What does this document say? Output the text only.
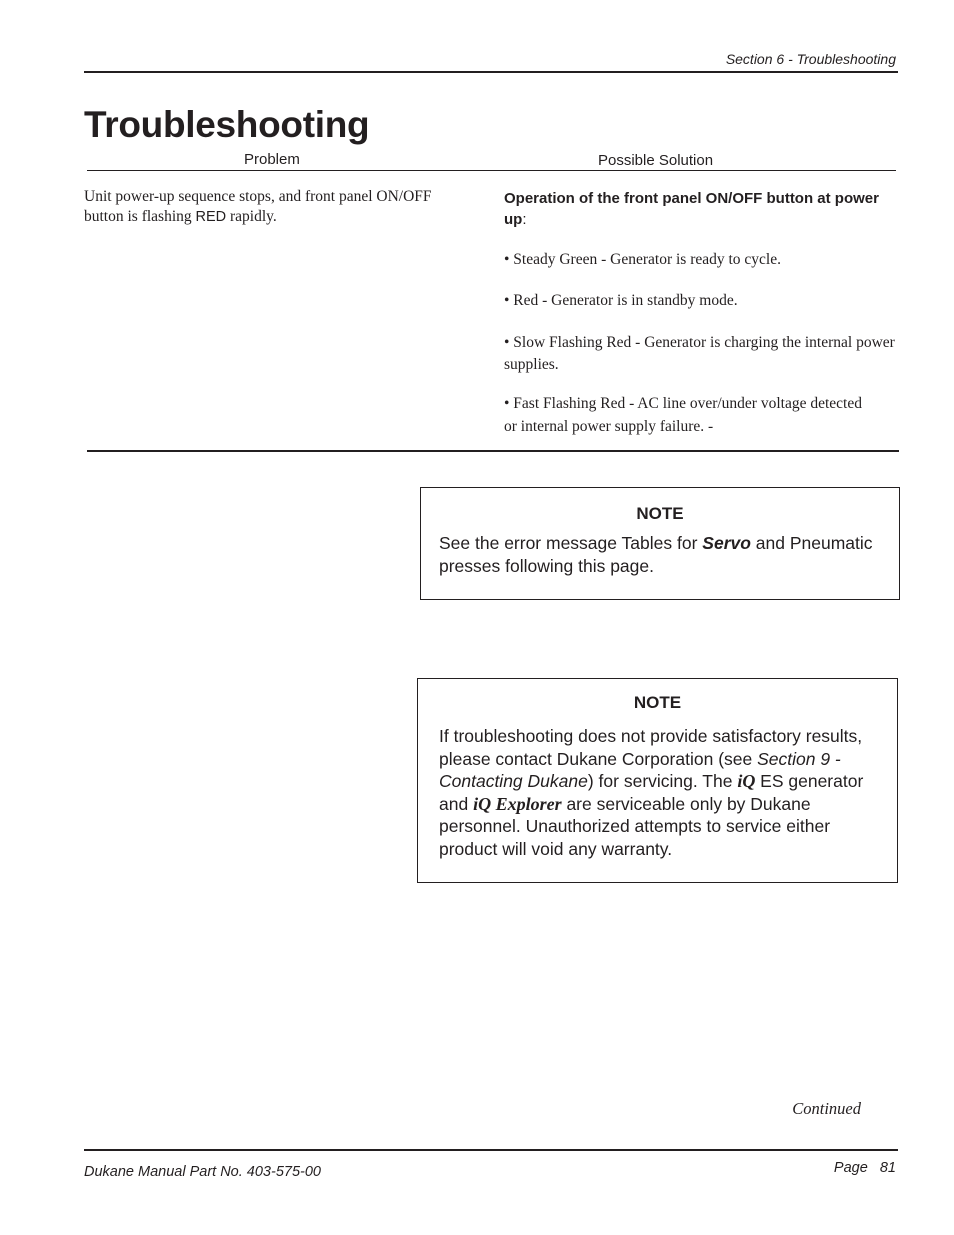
Section 6 - Troubleshooting
Troubleshooting
Problem	Possible Solution
Unit power-up sequence stops, and front panel ON/OFF button is flashing RED rapidly.

Operation of the front panel ON/OFF button at power up:

• Steady Green - Generator is ready to cycle.

• Red - Generator is in standby mode.

• Slow Flashing Red - Generator is charging the internal power supplies.

• Fast Flashing Red - AC line over/under voltage detected or internal power supply failure. -

NOTE
See the error message Tables for Servo and Pneumatic presses following this page.
NOTE
If troubleshooting does not provide satisfactory results, please contact Dukane Corporation (see Section 9 - Contacting Dukane) for servicing. The iQ ES generator and iQ Explorer are serviceable only by Dukane personnel. Unauthorized attempts to service either product will void any warranty.
Continued
Dukane Manual Part No. 403-575-00	Page   81
